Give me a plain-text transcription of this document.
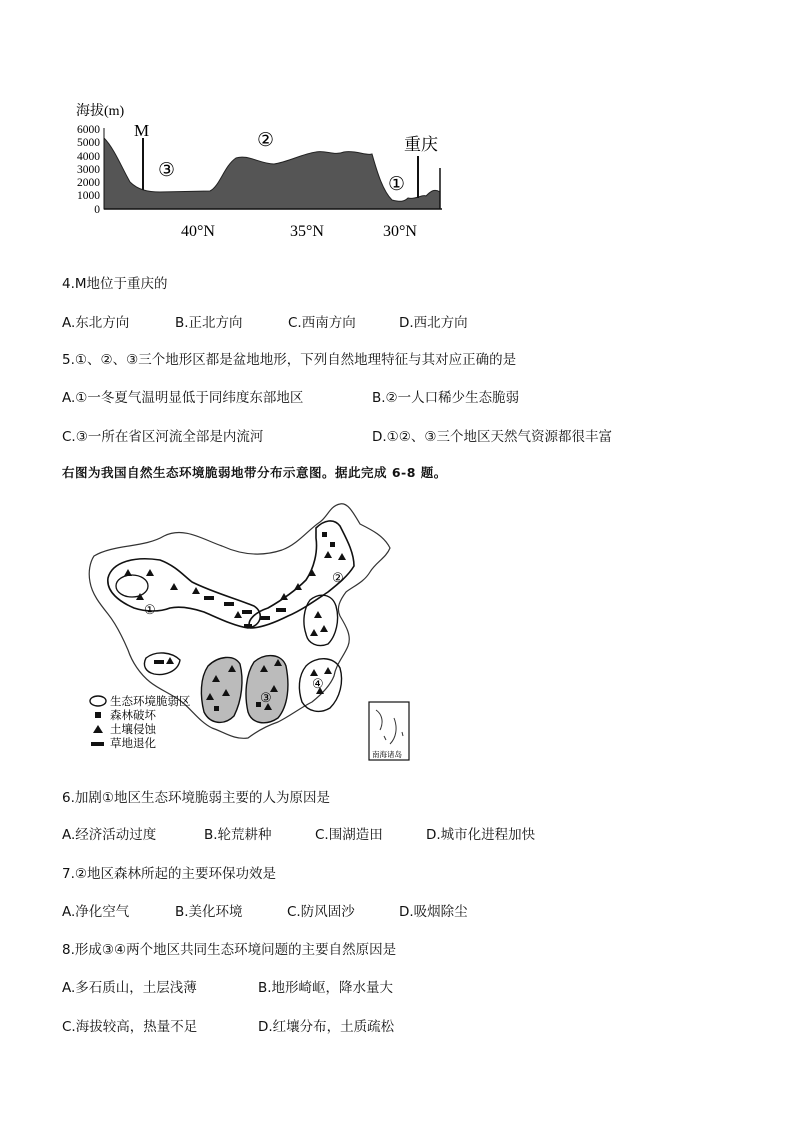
海拔(m)
6000
5000
4000
3000
2000
1000
0
M
重庆
③
②
①
40°N	35°N	30°N
4.M地位于重庆的
A.东北方向	B.正北方向	C.西南方向	D.西北方向
5.①、②、③三个地形区都是盆地地形，下列自然地理特征与其对应正确的是
A.①一冬夏气温明显低于同纬度东部地区	B.②一人口稀少生态脆弱
C.③一所在省区河流全部是内流河	D.①②、③三个地区天然气资源都很丰富
右图为我国自然生态环境脆弱地带分布示意图。据此完成 6-8 题。
①
②
③
④
生态环境脆弱区
森林破坏
土壤侵蚀
草地退化
南海诸岛
6.加剧①地区生态环境脆弱主要的人为原因是
A.经济活动过度	B.轮荒耕种	C.围湖造田	D.城市化进程加快
7.②地区森林所起的主要环保功效是
A.净化空气	B.美化环境	C.防风固沙	D.吸烟除尘
8.形成③④两个地区共同生态环境问题的主要自然原因是
A.多石质山，土层浅薄	B.地形崎岖，降水量大
C.海拔较高，热量不足	D.红壤分布，土质疏松
